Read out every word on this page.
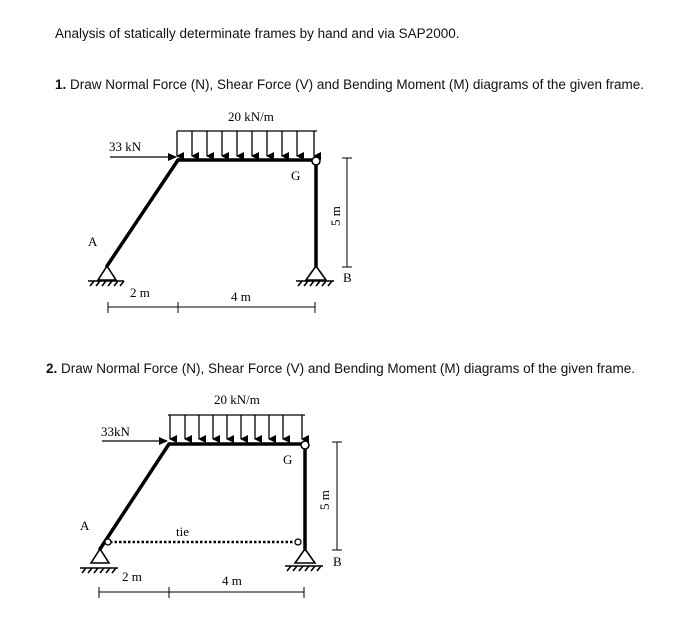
Analysis of statically determinate frames by hand and via SAP2000.
1. Draw Normal Force (N), Shear Force (V) and Bending Moment (M) diagrams of the given frame.
2. Draw Normal Force (N), Shear Force (V) and Bending Moment (M) diagrams of the given frame.
20 kN/m
33 kN
A
B
G
5 m
2 m	4 m
20 kN/m
33kN
A
B
G
tie
5 m
2 m	4 m
